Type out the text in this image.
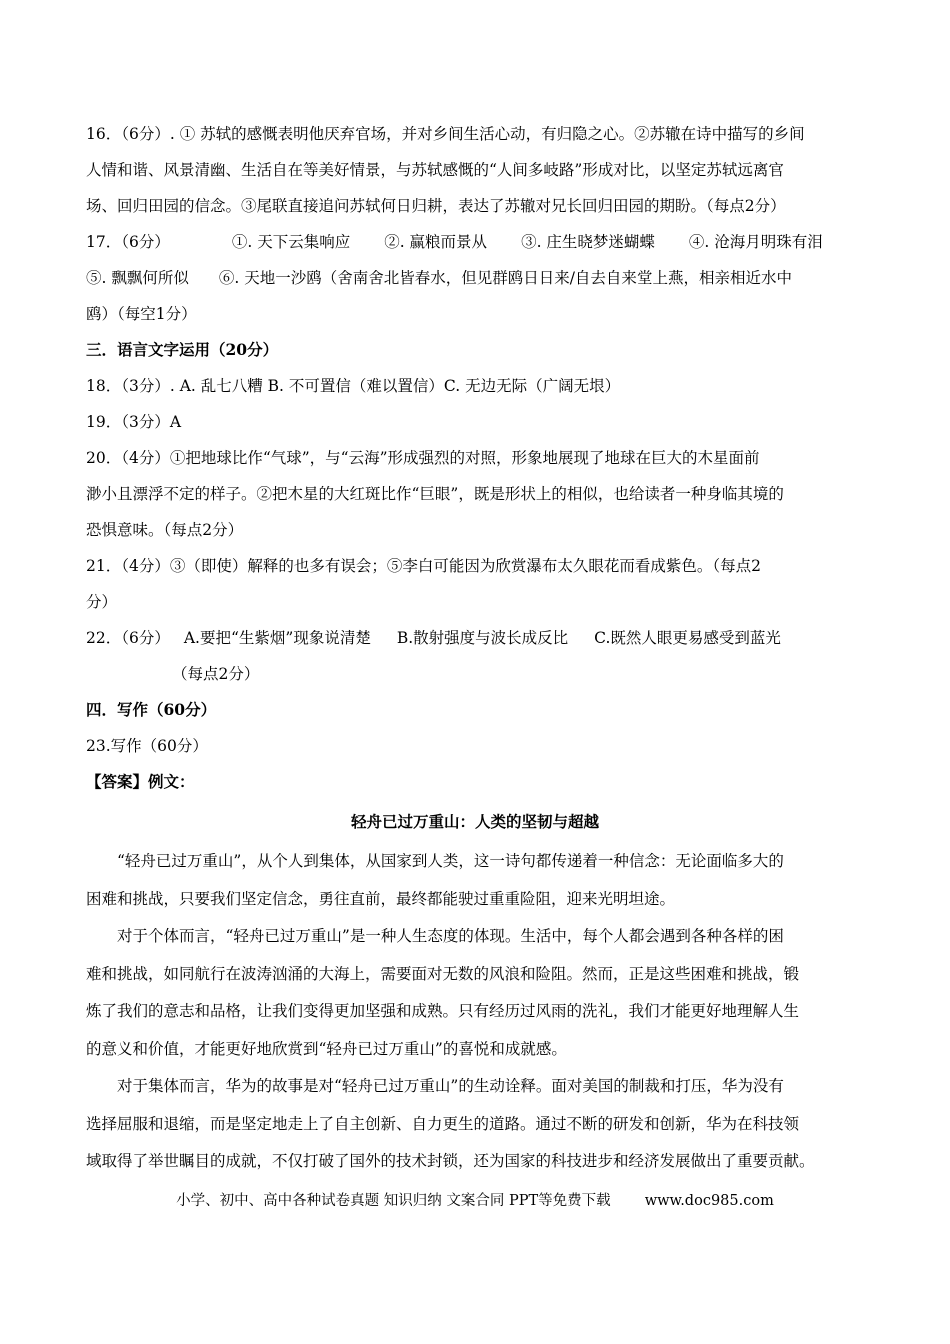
16．（6分）. ① 苏轼的感慨表明他厌弃官场，并对乡间生活心动，有归隐之心。②苏辙在诗中描写的乡间

人情和谐、风景清幽、生活自在等美好情景，与苏轼感慨的“人间多岐路”形成对比，以坚定苏轼远离官

场、回归田园的信念。③尾联直接追问苏轼何日归耕，表达了苏辙对兄长回归田园的期盼。（每点2分）

17．（6分）	①. 天下云集响应 ②. 赢粮而景从 ③. 庄生晓梦迷蝴蝶 ④. 沧海月明珠有泪

⑤. 飘飘何所似 ⑥. 天地一沙鸥（舍南舍北皆春水，但见群鸥日日来/自去自来堂上燕，相亲相近水中

鸥）（每空1分）

三．语言文字运用（20分）

18．（3分）. A. 乱七八糟 B. 不可置信（难以置信）C. 无边无际（广阔无垠）

19．（3分）A

20．（4分）①把地球比作“气球”，与“云海”形成强烈的对照，形象地展现了地球在巨大的木星面前

渺小且漂浮不定的样子。②把木星的大红斑比作“巨眼”，既是形状上的相似，也给读者一种身临其境的

恐惧意味。（每点2分）

21．（4分）③（即使）解释的也多有误会；⑤李白可能因为欣赏瀑布太久眼花而看成紫色。（每点2

分）

22．（6分） A.要把“生紫烟”现象说清楚 B.散射强度与波长成反比 C.既然人眼更易感受到蓝光

（每点2分）

四．写作（60分）

23.写作（60分）

【答案】例文：

轻舟已过万重山：人类的坚韧与超越

“轻舟已过万重山”，从个人到集体，从国家到人类，这一诗句都传递着一种信念：无论面临多大的

困难和挑战，只要我们坚定信念，勇往直前，最终都能驶过重重险阻，迎来光明坦途。

对于个体而言，“轻舟已过万重山”是一种人生态度的体现。生活中，每个人都会遇到各种各样的困

难和挑战，如同航行在波涛汹涌的大海上，需要面对无数的风浪和险阻。然而，正是这些困难和挑战，锻

炼了我们的意志和品格，让我们变得更加坚强和成熟。只有经历过风雨的洗礼，我们才能更好地理解人生

的意义和价值，才能更好地欣赏到“轻舟已过万重山”的喜悦和成就感。

对于集体而言，华为的故事是对“轻舟已过万重山”的生动诠释。面对美国的制裁和打压，华为没有

选择屈服和退缩，而是坚定地走上了自主创新、自力更生的道路。通过不断的研发和创新，华为在科技领

域取得了举世瞩目的成就，不仅打破了国外的技术封锁，还为国家的科技进步和经济发展做出了重要贡献。

小学、初中、高中各种试卷真题 知识归纳 文案合同 PPT等免费下载 www.doc985.com
